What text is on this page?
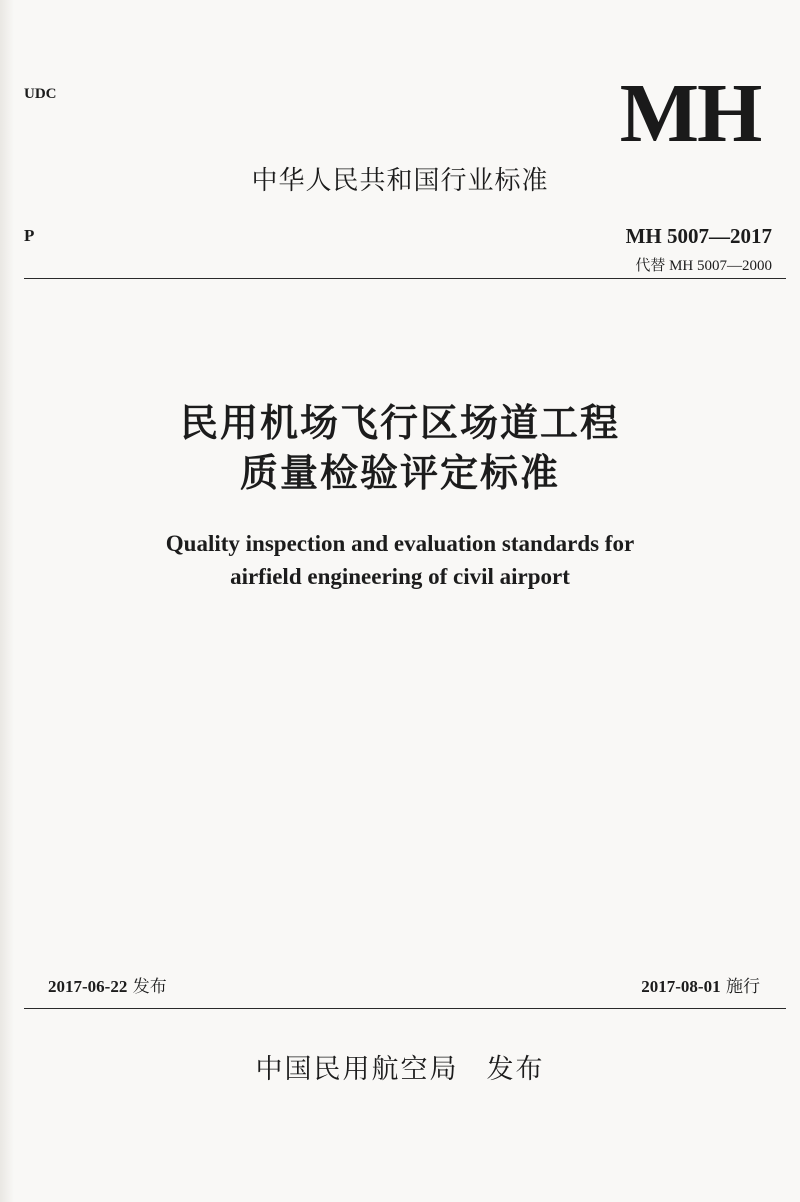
UDC	MH
中华人民共和国行业标准
P	MH 5007—2017
代替 MH 5007—2000
民用机场飞行区场道工程
质量检验评定标准
Quality inspection and evaluation standards for
airfield engineering of civil airport
2017-06-22 发布	2017-08-01 施行
中国民用航空局 发布
